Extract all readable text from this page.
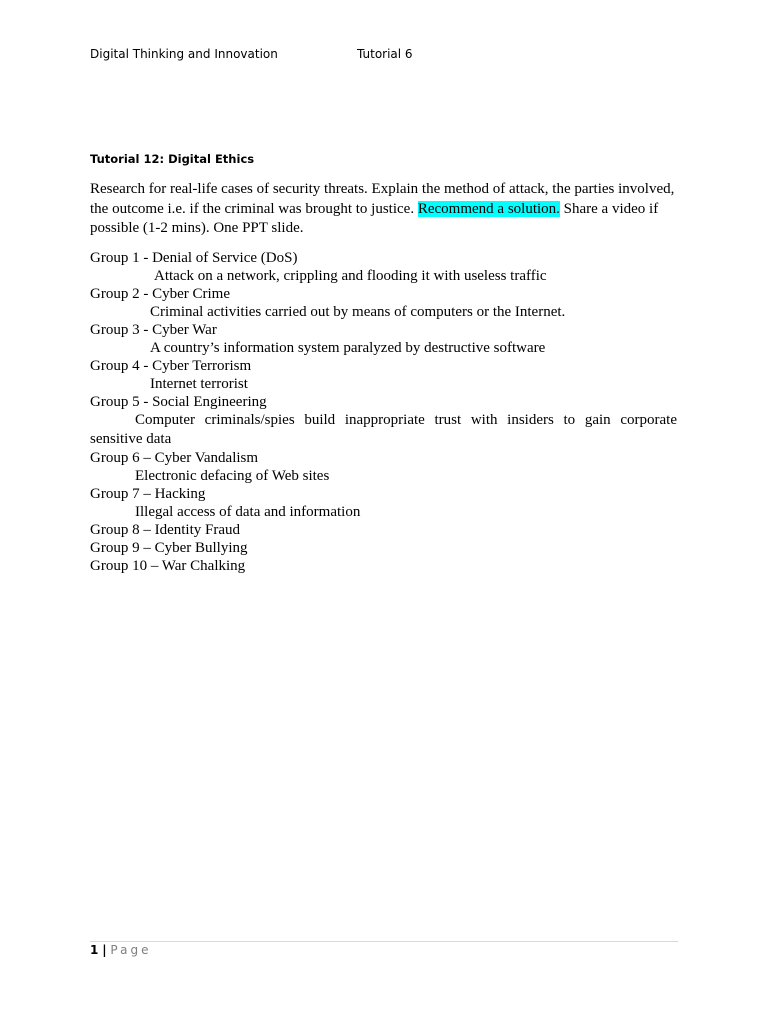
Digital Thinking and Innovation	Tutorial 6
Tutorial 12: Digital Ethics
Research for real-life cases of security threats. Explain the method of attack, the parties involved, the outcome i.e. if the criminal was brought to justice. Recommend a solution. Share a video if possible (1-2 mins). One PPT slide.
Group 1 - Denial of Service (DoS)
Attack on a network, crippling and flooding it with useless traffic
Group 2 - Cyber Crime
Criminal activities carried out by means of computers or the Internet.
Group 3 - Cyber War
A country’s information system paralyzed by destructive software
Group 4 - Cyber Terrorism
Internet terrorist
Group 5 - Social Engineering
Computer criminals/spies build inappropriate trust with insiders to gain corporate sensitive data
Group 6 – Cyber Vandalism
Electronic defacing of Web sites
Group 7 – Hacking
Illegal access of data and information
Group 8 – Identity Fraud
Group 9 – Cyber Bullying
Group 10 – War Chalking
1 | Page
